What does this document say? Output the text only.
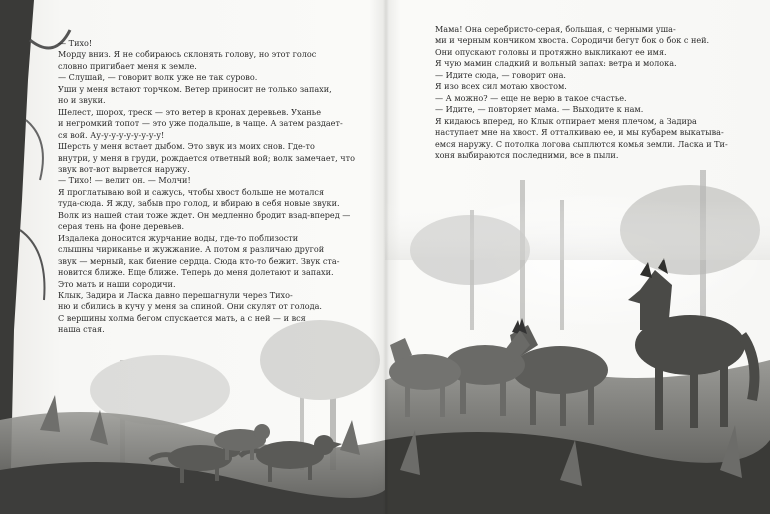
— Тихо!
Морду вниз. Я не собираюсь склонять голову, но этот голос
словно пригибает меня к земле.
— Слушай, — говорит волк уже не так сурово.
Уши у меня встают торчком. Ветер приносит не только запахи,
но и звуки.
Шелест, шорох, треск — это ветер в кронах деревьев. Уханье
и негромкий топот — это уже подальше, в чаще. А затем раздает-
ся вой. Ау-у-у-у-у-у-у-у-у!
Шерсть у меня встает дыбом. Это звук из моих снов. Где-то
внутри, у меня в груди, рождается ответный вой; волк замечает, что
звук вот-вот вырвется наружу.
— Тихо! — велит он. — Молчи!
Я проглатываю вой и сажусь, чтобы хвост больше не мотался
туда-сюда. Я жду, забыв про голод, и вбираю в себя новые звуки.
Волк из нашей стаи тоже ждет. Он медленно бродит взад-вперед —
серая тень на фоне деревьев.
Издалека доносится журчание воды, где-то поблизости
слышны чириканье и жужжание. А потом я различаю другой
звук — мерный, как биение сердца. Сюда кто-то бежит. Звук ста-
новится ближе. Еще ближе. Теперь до меня долетают и запахи.
Это мать и наши сородичи.
Клык, Задира и Ласка давно перешагнули через Тихо-
ню и сбились в кучу у меня за спиной. Они скулят от голода.
С вершины холма бегом спускается мать, а с ней — и вся
наша стая.
Мама! Она серебристо-серая, большая, с черными уша-
ми и черным кончиком хвоста. Сородичи бегут бок о бок с ней.
Они опускают головы и протяжно выкликают ее имя.
Я чую мамин сладкий и вольный запах: ветра и молока.
— Идите сюда, — говорит она.
Я изо всех сил мотаю хвостом.
— А можно? — еще не верю в такое счастье.
— Идите, — повторяет мама. — Выходите к нам.
Я кидаюсь вперед, но Клык отпирает меня плечом, а Задира
наступает мне на хвост. Я отталкиваю ее, и мы кубарем выкатыва-
емся наружу. С потолка логова сыплются комья земли. Ласка и Ти-
хоня выбираются последними, все в пыли.
